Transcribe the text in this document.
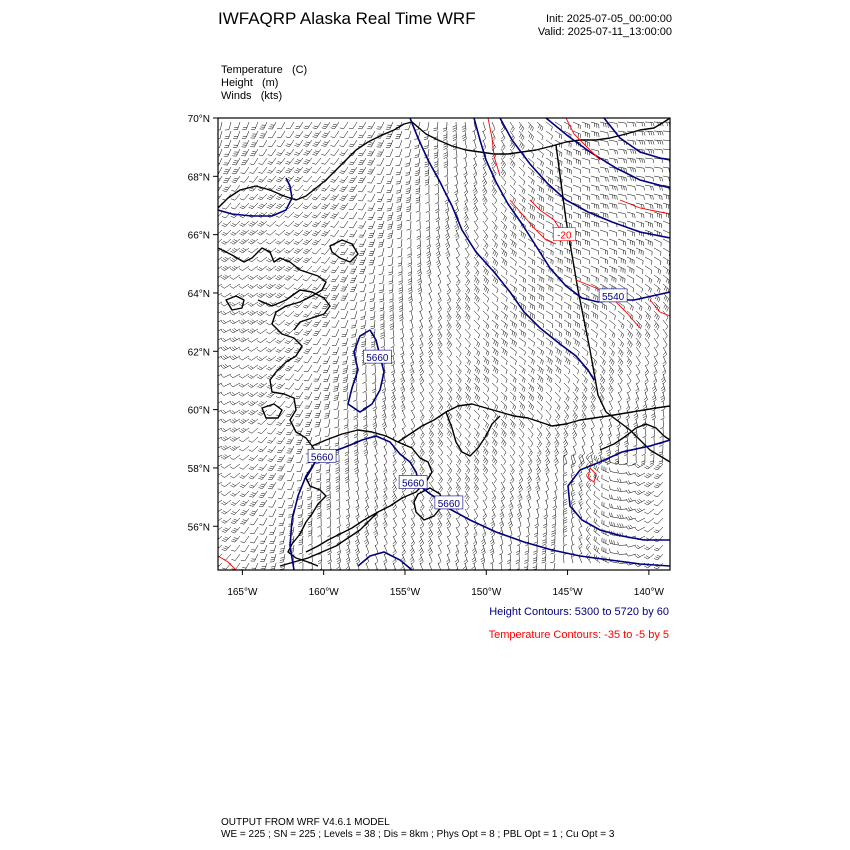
IWFAQRP Alaska Real Time WRF	Init: 2025-07-05_00:00:00
Valid: 2025-07-11_13:00:00
Temperature (C)
Height (m)
Winds (kts)
5660
5660
5660
5660
5540
-20
70°N
68°N
66°N
64°N
62°N
60°N
58°N
56°N
165°W	160°W	155°W	150°W	145°W	140°W
Height Contours: 5300 to 5720 by 60
Temperature Contours: -35 to -5 by 5
OUTPUT FROM WRF V4.6.1 MODEL
WE = 225 ; SN = 225 ; Levels = 38 ; Dis = 8km ; Phys Opt = 8 ; PBL Opt = 1 ; Cu Opt = 3
